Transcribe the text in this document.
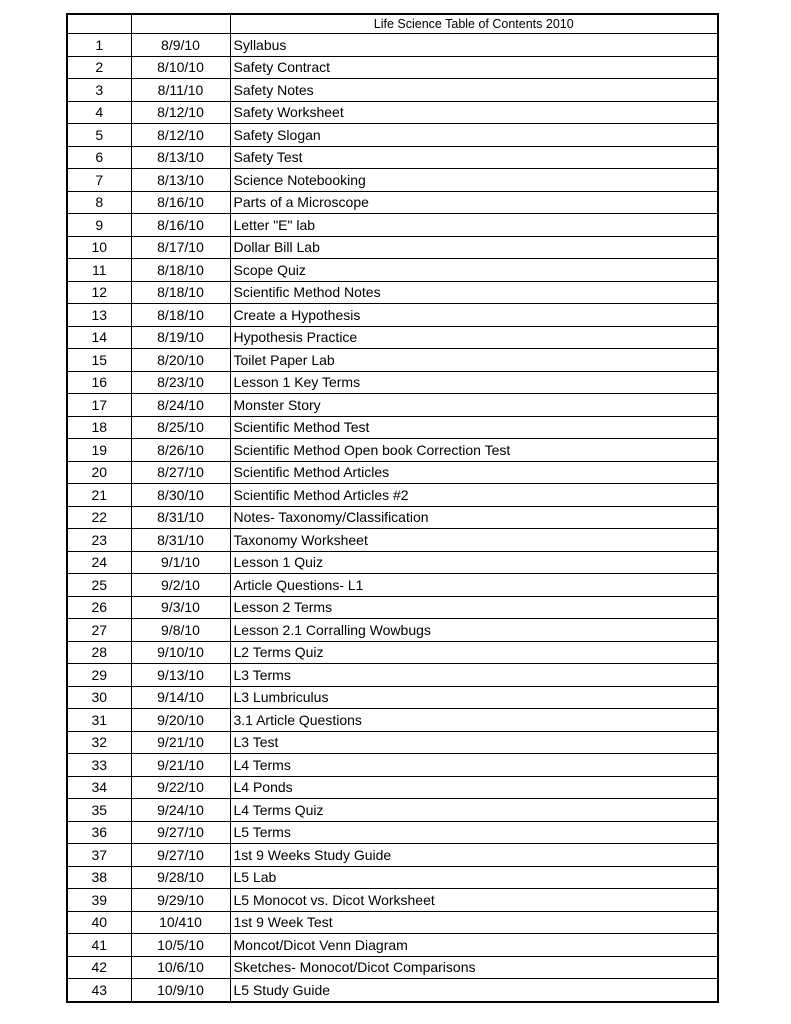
		Life Science Table of Contents 2010
1	8/9/10	Syllabus
2	8/10/10	Safety Contract
3	8/11/10	Safety Notes
4	8/12/10	Safety Worksheet
5	8/12/10	Safety Slogan
6	8/13/10	Safety Test
7	8/13/10	Science Notebooking
8	8/16/10	Parts of a Microscope
9	8/16/10	Letter "E" lab
10	8/17/10	Dollar Bill Lab
11	8/18/10	Scope Quiz
12	8/18/10	Scientific Method Notes
13	8/18/10	Create a Hypothesis
14	8/19/10	Hypothesis Practice
15	8/20/10	Toilet Paper Lab
16	8/23/10	Lesson 1 Key Terms
17	8/24/10	Monster Story
18	8/25/10	Scientific Method Test
19	8/26/10	Scientific Method Open book Correction Test
20	8/27/10	Scientific Method Articles
21	8/30/10	Scientific Method Articles #2
22	8/31/10	Notes- Taxonomy/Classification
23	8/31/10	Taxonomy Worksheet
24	9/1/10	Lesson 1 Quiz
25	9/2/10	Article Questions- L1
26	9/3/10	Lesson 2 Terms
27	9/8/10	Lesson 2.1 Corralling Wowbugs
28	9/10/10	L2 Terms Quiz
29	9/13/10	L3 Terms
30	9/14/10	L3 Lumbriculus
31	9/20/10	3.1 Article Questions
32	9/21/10	L3 Test
33	9/21/10	L4 Terms
34	9/22/10	L4 Ponds
35	9/24/10	L4 Terms Quiz
36	9/27/10	L5 Terms
37	9/27/10	1st 9 Weeks Study Guide
38	9/28/10	L5 Lab
39	9/29/10	L5 Monocot vs. Dicot Worksheet
40	10/410	1st 9 Week Test
41	10/5/10	Moncot/Dicot Venn Diagram
42	10/6/10	Sketches- Monocot/Dicot Comparisons
43	10/9/10	L5 Study Guide
